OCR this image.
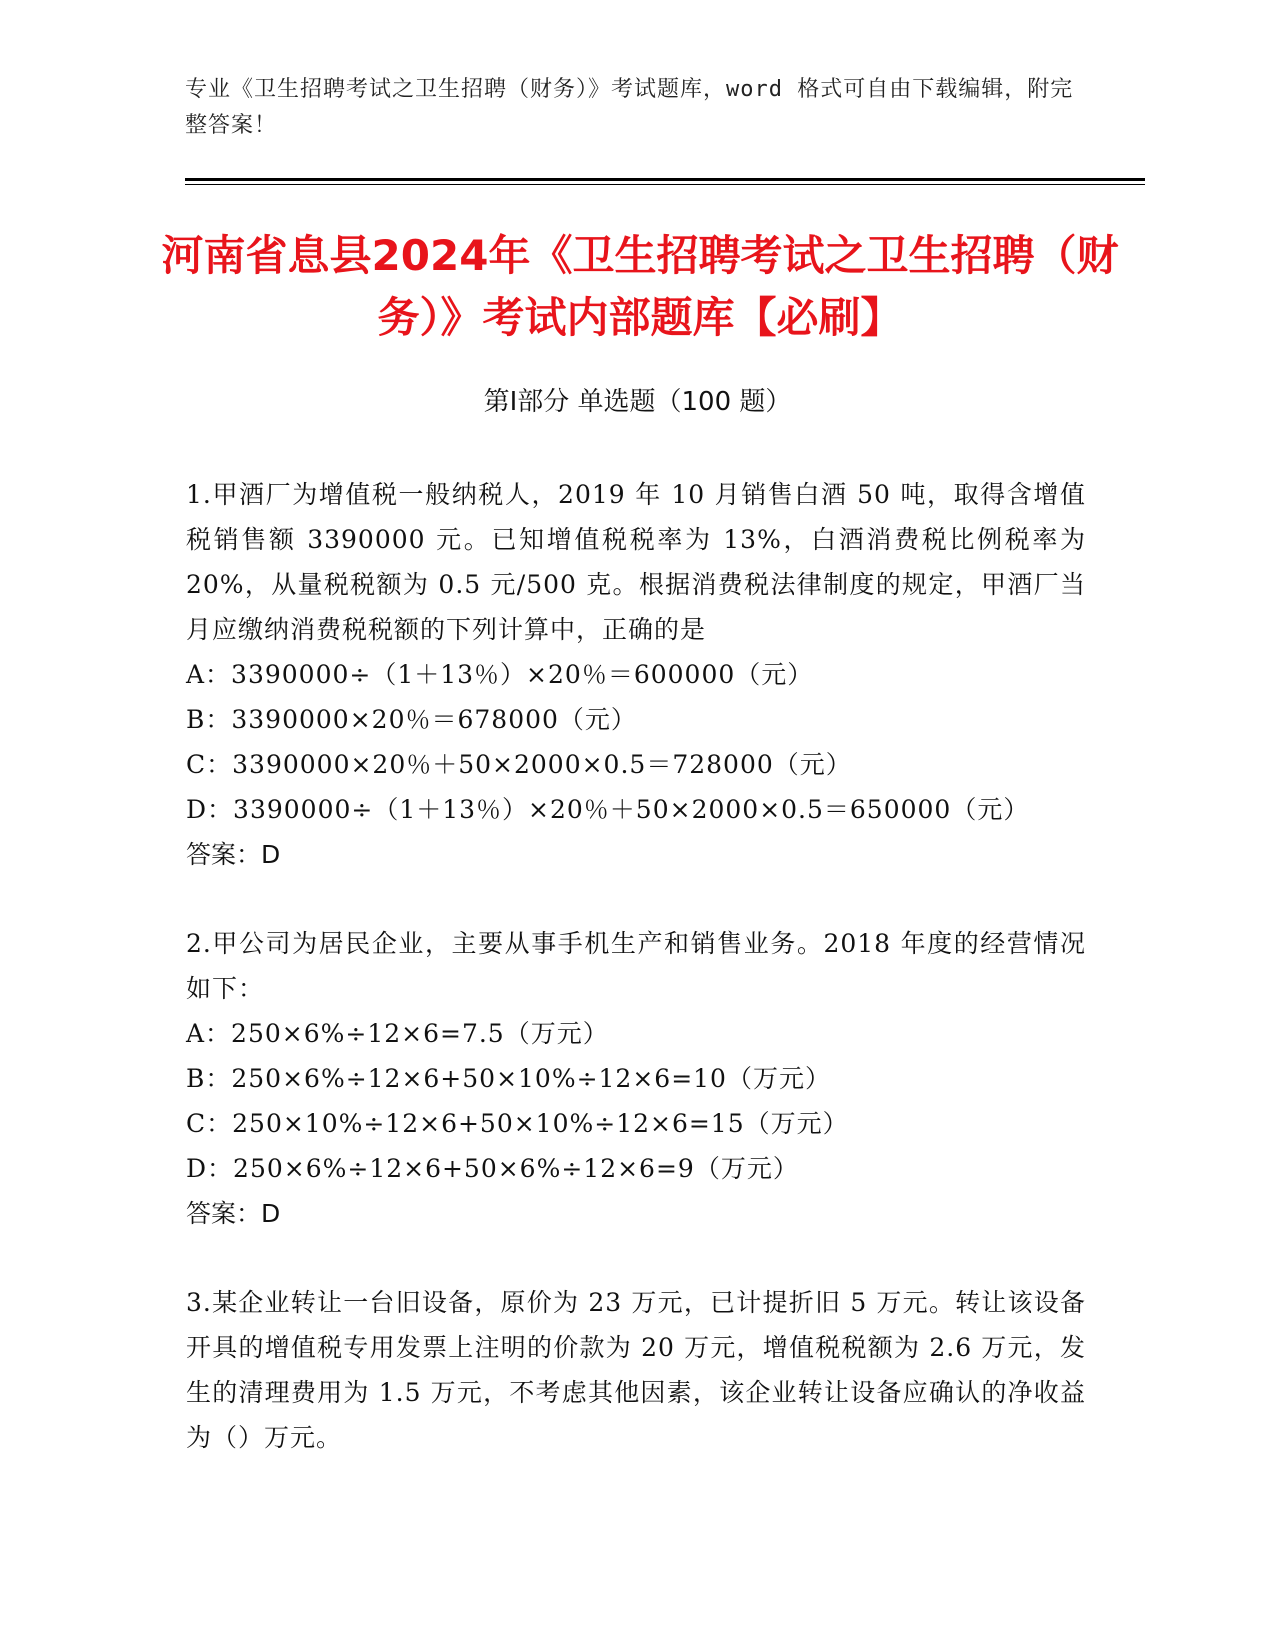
专业《卫生招聘考试之卫生招聘（财务）》考试题库，word 格式可自由下载编辑，附完整答案！
河南省息县2024年《卫生招聘考试之卫生招聘（财务）》考试内部题库【必刷】
第Ⅰ部分 单选题（100 题）

1.甲酒厂为增值税一般纳税人，2019 年 10 月销售白酒 50 吨，取得含增值税销售额 3390000 元。已知增值税税率为 13%，白酒消费税比例税率为 20%，从量税税额为 0.5 元/500 克。根据消费税法律制度的规定，甲酒厂当月应缴纳消费税税额的下列计算中，正确的是

A：3390000÷（1＋13％）×20％＝600000（元）

B：3390000×20％＝678000（元）

C：3390000×20％＋50×2000×0.5＝728000（元）

D：3390000÷（1＋13％）×20％＋50×2000×0.5＝650000（元）

答案：D

2.甲公司为居民企业，主要从事手机生产和销售业务。2018 年度的经营情况如下：

A：250×6%÷12×6=7.5（万元）

B：250×6%÷12×6+50×10%÷12×6=10（万元）

C：250×10%÷12×6+50×10%÷12×6=15（万元）

D：250×6%÷12×6+50×6%÷12×6=9（万元）

答案：D

3.某企业转让一台旧设备，原价为 23 万元，已计提折旧 5 万元。转让该设备开具的增值税专用发票上注明的价款为 20 万元，增值税税额为 2.6 万元，发生的清理费用为 1.5 万元，不考虑其他因素，该企业转让设备应确认的净收益为（）万元。
